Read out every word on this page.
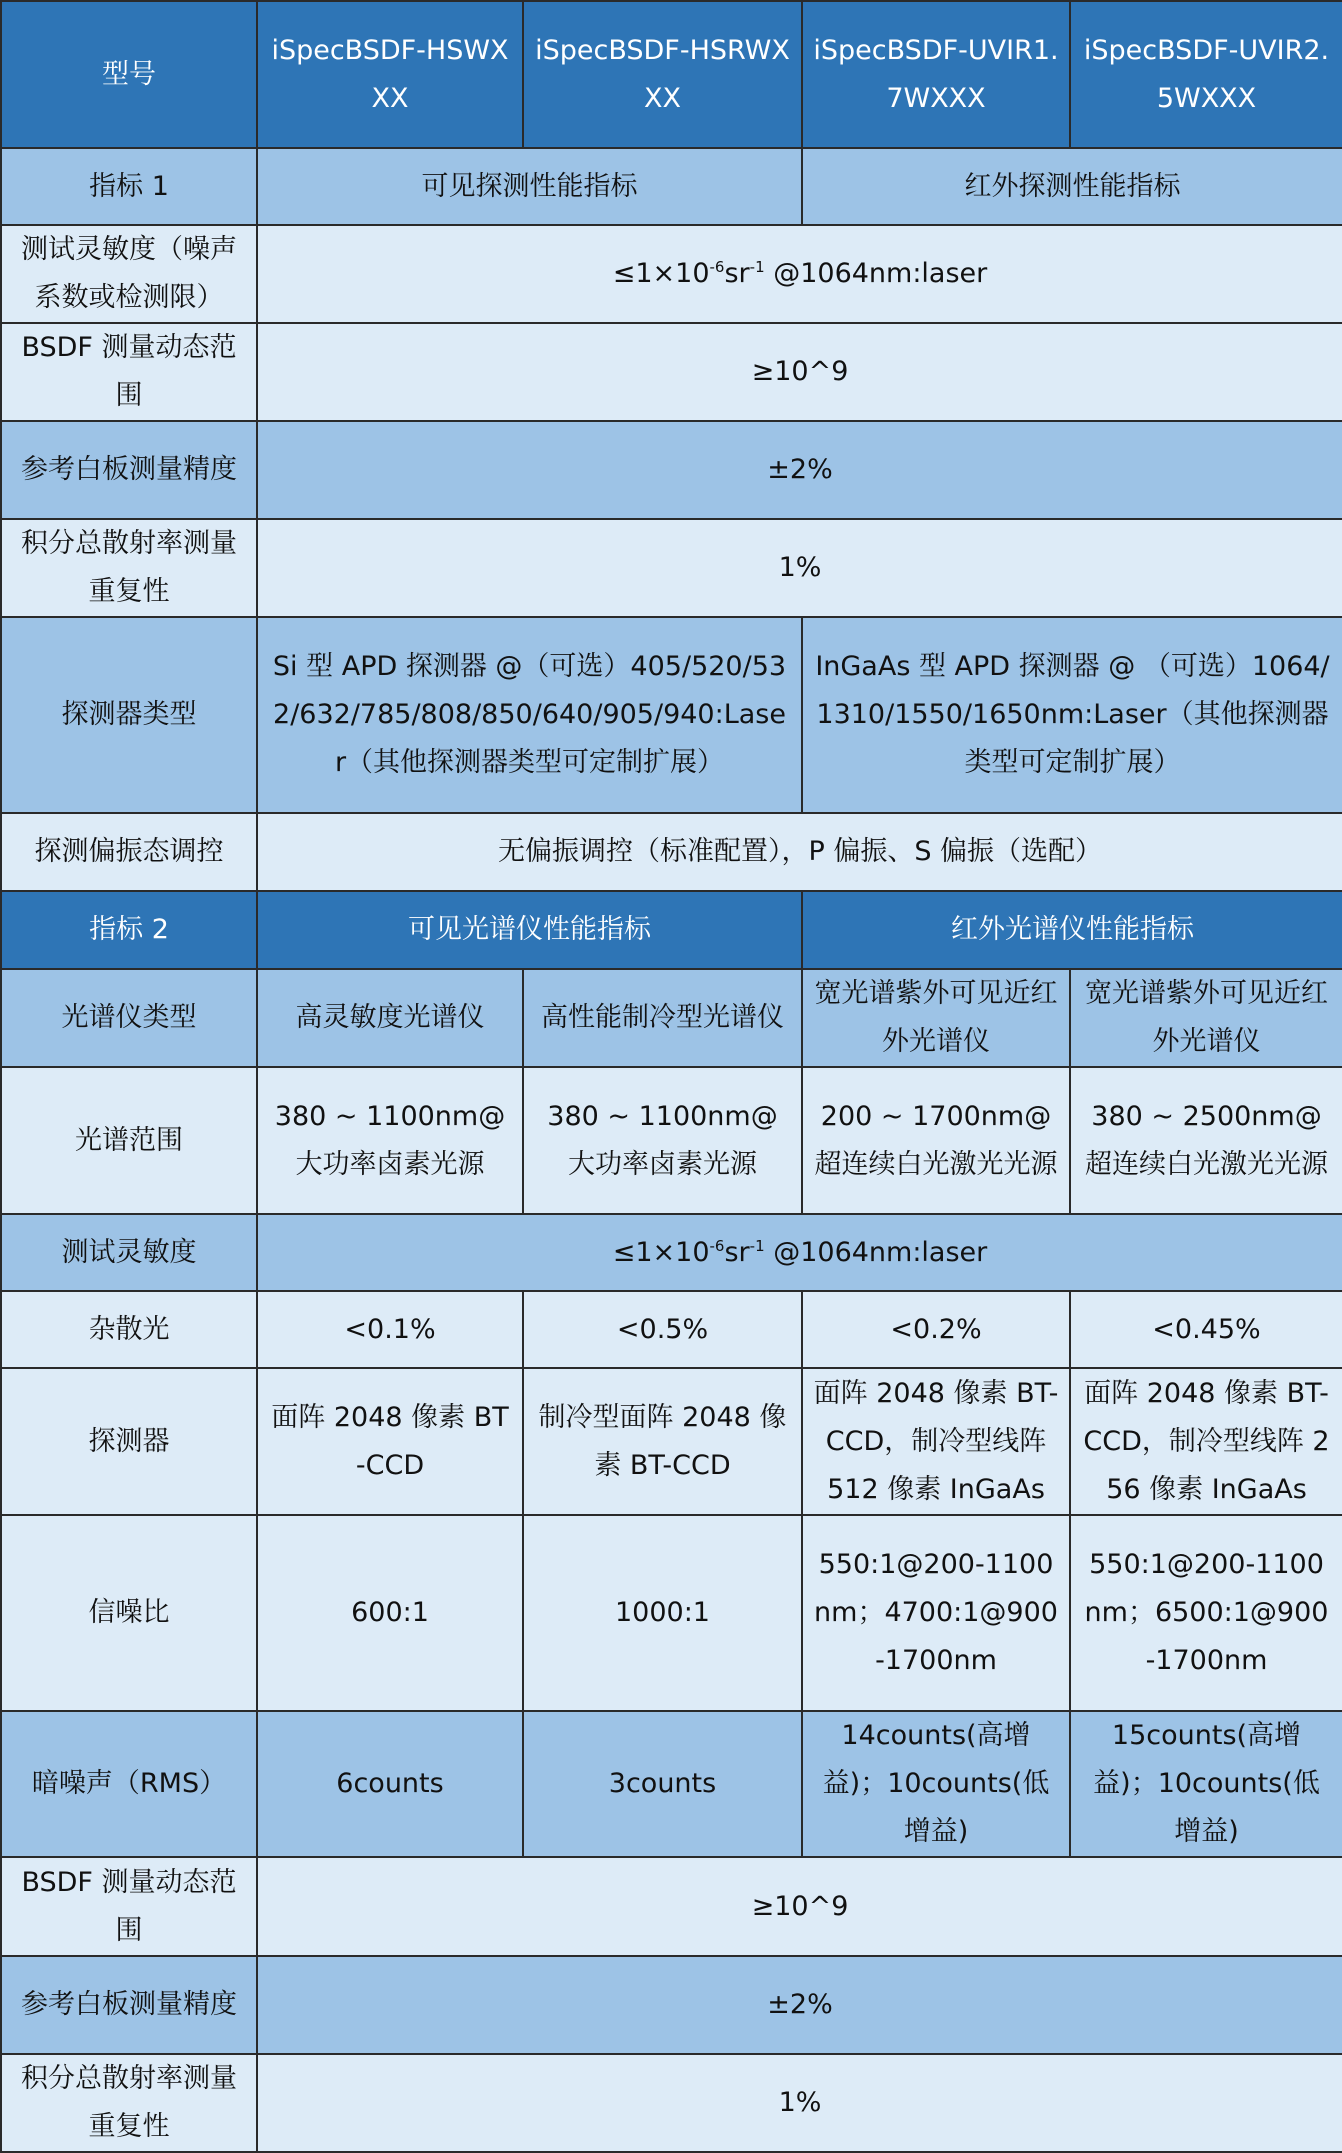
型号	iSpecBSDF-HSWXXX	iSpecBSDF-HSRWXXX	iSpecBSDF-UVIR1.7WXXX	iSpecBSDF-UVIR2.5WXXX
指标 1	可见探测性能指标		红外探测性能指标	
测试灵敏度（噪声系数或检测限）	$\le 1\times 10^{-6}sr^{-1}$ @1064nm:laser			
BSDF 测量动态范围	≥10^9			
参考白板测量精度	±2%			
积分总散射率测量重复性	1%			
探测器类型	Si 型 APD 探测器 @（可选）405/520/532/632/785/808/850/640/905/940:Laser（其他探测器类型可定制扩展）		InGaAs 型 APD 探测器 @ （可选）1064/1310/1550/1650nm:Laser（其他探测器类型可定制扩展）	
探测偏振态调控	无偏振调控（标准配置），P 偏振、S 偏振（选配）			
指标 2	可见光谱仪性能指标		红外光谱仪性能指标	
光谱仪类型	高灵敏度光谱仪	高性能制冷型光谱仪	宽光谱紫外可见近红外光谱仪	宽光谱紫外可见近红外光谱仪
光谱范围	380 ~ 1100nm@ 大功率卤素光源	380 ~ 1100nm@ 大功率卤素光源	200 ~ 1700nm@ 超连续白光激光光源	380 ~ 2500nm@ 超连续白光激光光源
测试灵敏度	$\le 1\times 10^{-6}sr^{-1}$ @1064nm:laser			
杂散光	<0.1%	<0.5%	<0.2%	<0.45%
探测器	面阵 2048 像素 BT-CCD	制冷型面阵 2048 像素 BT-CCD	面阵 2048 像素 BT-CCD，制冷型线阵 512 像素 InGaAs	面阵 2048 像素 BT-CCD，制冷型线阵 256 像素 InGaAs
信噪比	600:1	1000:1	550:1@200-1100nm；4700:1@900-1700nm	550:1@200-1100nm；6500:1@900-1700nm
暗噪声（RMS）	6counts	3counts	14counts(高增益)；10counts(低增益)	15counts(高增益)；10counts(低增益)
BSDF 测量动态范围	≥10^9			
参考白板测量精度	±2%			
积分总散射率测量重复性	1%			
